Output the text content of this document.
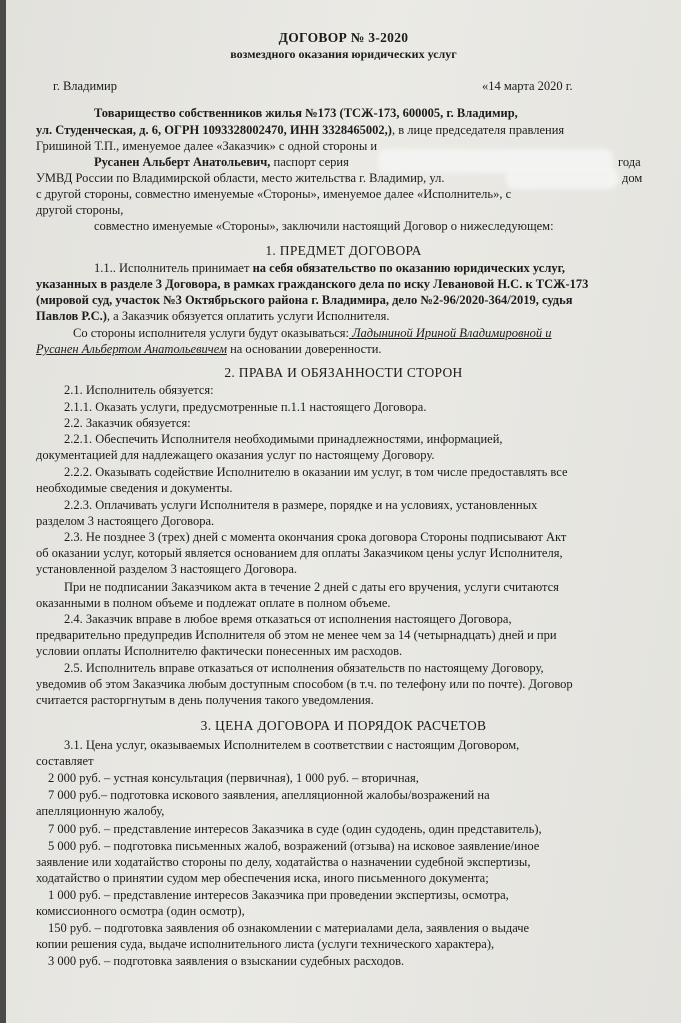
ДОГОВОР № 3-2020
возмездного оказания юридических услуг
г. Владимир	«14 марта 2020 г.
Товарищество собственников жилья №173 (ТСЖ-173, 600005, г. Владимир,
ул. Студенческая, д. 6, ОГРН 1093328002470, ИНН 3328465002,), в лице председателя правления
Гришиной Т.П., именуемое далее «Заказчик» с одной стороны и
Русанен Альберт Анатольевич, паспорт серия	года
УМВД России по Владимирской области, место жительства г. Владимир, ул.	дом
с другой стороны, совместно именуемые «Стороны», именуемое далее «Исполнитель», с
другой стороны,
совместно именуемые «Стороны», заключили настоящий Договор о нижеследующем:
1. ПРЕДМЕТ ДОГОВОРА
1.1.. Исполнитель принимает на себя обязательство по оказанию юридических услуг,
указанных в разделе 3 Договора, в рамках гражданского дела по иску Левановой Н.С. к ТСЖ-173
(мировой суд, участок №3 Октябрьского района г. Владимира, дело №2-96/2020-364/2019, судья
Павлов Р.С.), а Заказчик обязуется оплатить услуги Исполнителя.
Со стороны исполнителя услуги будут оказываться: Ладыниной Ириной Владимировной и
Русанен Альбертом Анатольевичем на основании доверенности.
2. ПРАВА И ОБЯЗАННОСТИ СТОРОН
2.1. Исполнитель обязуется:
2.1.1. Оказать услуги, предусмотренные п.1.1 настоящего Договора.
2.2. Заказчик обязуется:
2.2.1. Обеспечить Исполнителя необходимыми принадлежностями, информацией,
документацией для надлежащего оказания услуг по настоящему Договору.
2.2.2. Оказывать содействие Исполнителю в оказании им услуг, в том числе предоставлять все
необходимые сведения и документы.
2.2.3. Оплачивать услуги Исполнителя в размере, порядке и на условиях, установленных
разделом 3 настоящего Договора.
2.3. Не позднее 3 (трех) дней с момента окончания срока договора Стороны подписывают Акт
об оказании услуг, который является основанием для оплаты Заказчиком цены услуг Исполнителя,
установленной разделом 3 настоящего Договора.
При не подписании Заказчиком акта в течение 2 дней с даты его вручения, услуги считаются
оказанными в полном объеме и подлежат оплате в полном объеме.
2.4. Заказчик вправе в любое время отказаться от исполнения настоящего Договора,
предварительно предупредив Исполнителя об этом не менее чем за 14 (четырнадцать) дней и при
условии оплаты Исполнителю фактически понесенных им расходов.
2.5. Исполнитель вправе отказаться от исполнения обязательств по настоящему Договору,
уведомив об этом Заказчика любым доступным способом (в т.ч. по телефону или по почте). Договор
считается расторгнутым в день получения такого уведомления.
3. ЦЕНА ДОГОВОРА И ПОРЯДОК РАСЧЕТОВ
3.1. Цена услуг, оказываемых Исполнителем в соответствии с настоящим Договором,
составляет
2 000 руб. – устная консультация (первичная), 1 000 руб. – вторичная,
7 000 руб.– подготовка искового заявления, апелляционной жалобы/возражений на
апелляционную жалобу,
7 000 руб. – представление интересов Заказчика в суде (один судодень, один представитель),
5 000 руб. – подготовка письменных жалоб, возражений (отзыва) на исковое заявление/иное
заявление или ходатайство стороны по делу, ходатайства о назначении судебной экспертизы,
ходатайство о принятии судом мер обеспечения иска, иного письменного документа;
1 000 руб. – представление интересов Заказчика при проведении экспертизы, осмотра,
комиссионного осмотра (один осмотр),
150 руб. – подготовка заявления об ознакомлении с материалами дела, заявления о выдаче
копии решения суда, выдаче исполнительного листа (услуги технического характера),
3 000 руб. – подготовка заявления о взыскании судебных расходов.
